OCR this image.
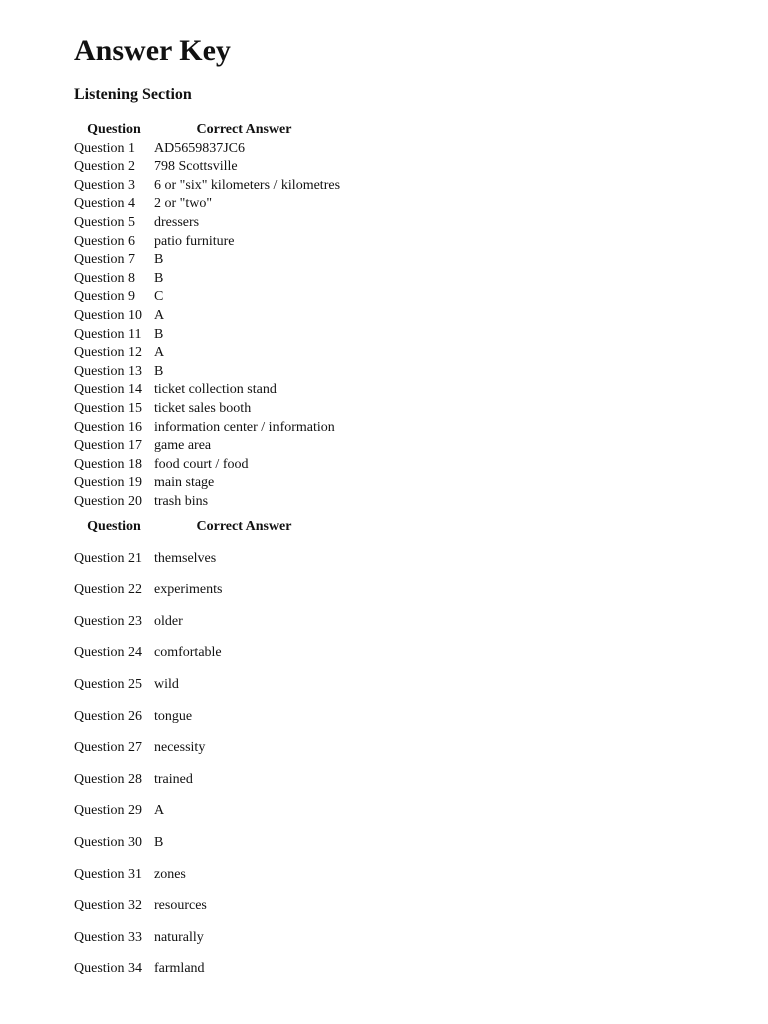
Answer Key
Listening Section
Question	Correct Answer
Question 1	AD5659837JC6
Question 2	798 Scottsville
Question 3	6 or "six" kilometers / kilometres
Question 4	2 or "two"
Question 5	dressers
Question 6	patio furniture
Question 7	B
Question 8	B
Question 9	C
Question 10 A
Question 11 B
Question 12 A
Question 13 B
Question 14 ticket collection stand
Question 15 ticket sales booth
Question 16 information center / information
Question 17 game area
Question 18 food court / food
Question 19 main stage
Question 20 trash bins
Question	Correct Answer
Question 21 themselves
Question 22 experiments
Question 23 older
Question 24 comfortable
Question 25 wild
Question 26 tongue
Question 27 necessity
Question 28 trained
Question 29 A
Question 30 B
Question 31 zones
Question 32 resources
Question 33 naturally
Question 34 farmland
